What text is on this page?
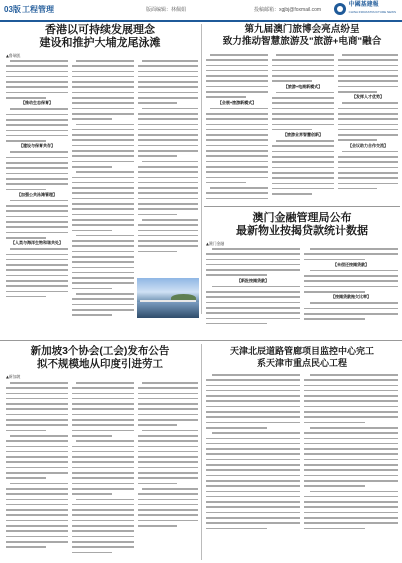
03版 工程管理	版面编辑：林佩娟	投稿邮箱：xgjbj@foxmail.com
中國基建報
CHINA INFRASTRUCTURE NEWS
香港以可持续发展理念
建设和推护大埔龙尾泳滩
▲鲁瑞凯
【推动生态保育】
【建设与保育共存】
【加强公共泳滩管理】
【人类与海洋生物和谐共处】
第九届澳门旅博会亮点纷呈
致力推动智慧旅游及"旅游+电商"融合
【会展+旅游新模式】
【旅游+电商新模式】
【旅游业界智慧创新】
【发挥人才优势】
【会议助力合作交流】
澳门金融管理局公布
最新物业按揭贷款统计数据
▲澳门金融
【新批按揭贷款】
【未偿还按揭贷款】
【按揭贷款拖欠比率】
新加坡3个协会(工会)发布公告
拟不规模地从印度引进劳工
▲新加坡
天津北辰道路管廊项目监控中心完工
系天津市重点民心工程
